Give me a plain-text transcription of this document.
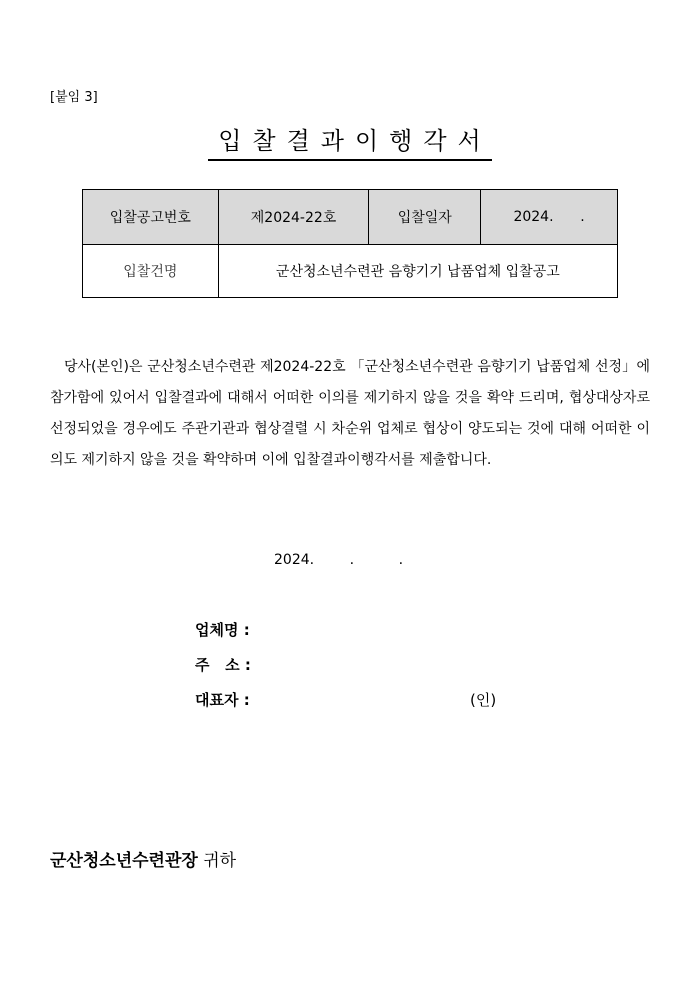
[붙임 3]
입찰결과이행각서
입찰공고번호	제2024-22호	입찰일자	2024.      .
입찰건명	군산청소년수련관 음향기기 납품업체 입찰공고		
당사(본인)은 군산청소년수련관 제2024-22호 「군산청소년수련관 음향기기 납품업체 선정」에 참가함에 있어서 입찰결과에 대해서 어떠한 이의를 제기하지 않을 것을 확약 드리며, 협상대상자로 선정되었을 경우에도 주관기관과 협상결렬 시 차순위 업체로 협상이 양도되는 것에 대해 어떠한 이의도 제기하지 않을 것을 확약하며 이에 입찰결과이행각서를 제출합니다.
2024.        .          .
업체명 :
주   소 :
대표자 :	(인)
군산청소년수련관장 귀하
